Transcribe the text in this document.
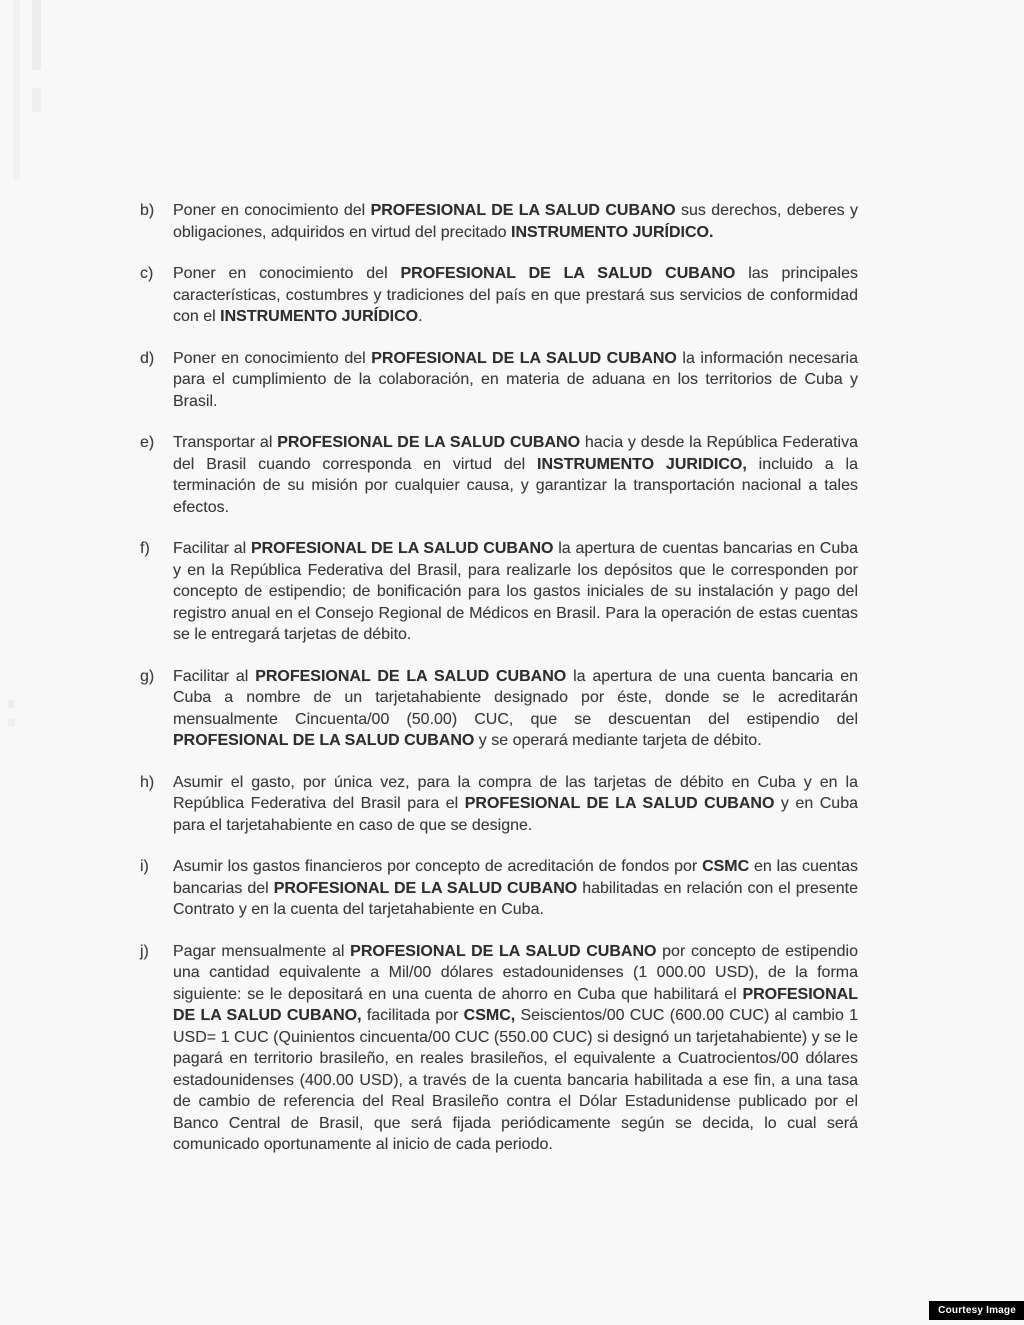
b) Poner en conocimiento del PROFESIONAL DE LA SALUD CUBANO sus derechos, deberes y obligaciones, adquiridos en virtud del precitado INSTRUMENTO JURÍDICO.
c) Poner en conocimiento del PROFESIONAL DE LA SALUD CUBANO las principales características, costumbres y tradiciones del país en que prestará sus servicios de conformidad con el INSTRUMENTO JURÍDICO.
d) Poner en conocimiento del PROFESIONAL DE LA SALUD CUBANO la información necesaria para el cumplimiento de la colaboración, en materia de aduana en los territorios de Cuba y Brasil.
e) Transportar al PROFESIONAL DE LA SALUD CUBANO hacia y desde la República Federativa del Brasil cuando corresponda en virtud del INSTRUMENTO JURIDICO, incluido a la terminación de su misión por cualquier causa, y garantizar la transportación nacional a tales efectos.
f) Facilitar al PROFESIONAL DE LA SALUD CUBANO la apertura de cuentas bancarias en Cuba y en la República Federativa del Brasil, para realizarle los depósitos que le corresponden por concepto de estipendio; de bonificación para los gastos iniciales de su instalación y pago del registro anual en el Consejo Regional de Médicos en Brasil. Para la operación de estas cuentas se le entregará tarjetas de débito.
g) Facilitar al PROFESIONAL DE LA SALUD CUBANO la apertura de una cuenta bancaria en Cuba a nombre de un tarjetahabiente designado por éste, donde se le acreditarán mensualmente Cincuenta/00 (50.00) CUC, que se descuentan del estipendio del PROFESIONAL DE LA SALUD CUBANO y se operará mediante tarjeta de débito.
h) Asumir el gasto, por única vez, para la compra de las tarjetas de débito en Cuba y en la República Federativa del Brasil para el PROFESIONAL DE LA SALUD CUBANO y en Cuba para el tarjetahabiente en caso de que se designe.
i) Asumir los gastos financieros por concepto de acreditación de fondos por CSMC en las cuentas bancarias del PROFESIONAL DE LA SALUD CUBANO habilitadas en relación con el presente Contrato y en la cuenta del tarjetahabiente en Cuba.
j) Pagar mensualmente al PROFESIONAL DE LA SALUD CUBANO por concepto de estipendio una cantidad equivalente a Mil/00 dólares estadounidenses (1 000.00 USD), de la forma siguiente: se le depositará en una cuenta de ahorro en Cuba que habilitará el PROFESIONAL DE LA SALUD CUBANO, facilitada por CSMC, Seiscientos/00 CUC (600.00 CUC) al cambio 1 USD= 1 CUC (Quinientos cincuenta/00 CUC (550.00 CUC) si designó un tarjetahabiente) y se le pagará en territorio brasileño, en reales brasileños, el equivalente a Cuatrocientos/00 dólares estadounidenses (400.00 USD), a través de la cuenta bancaria habilitada a ese fin, a una tasa de cambio de referencia del Real Brasileño contra el Dólar Estadunidense publicado por el Banco Central de Brasil, que será fijada periódicamente según se decida, lo cual será comunicado oportunamente al inicio de cada periodo.
Courtesy Image
